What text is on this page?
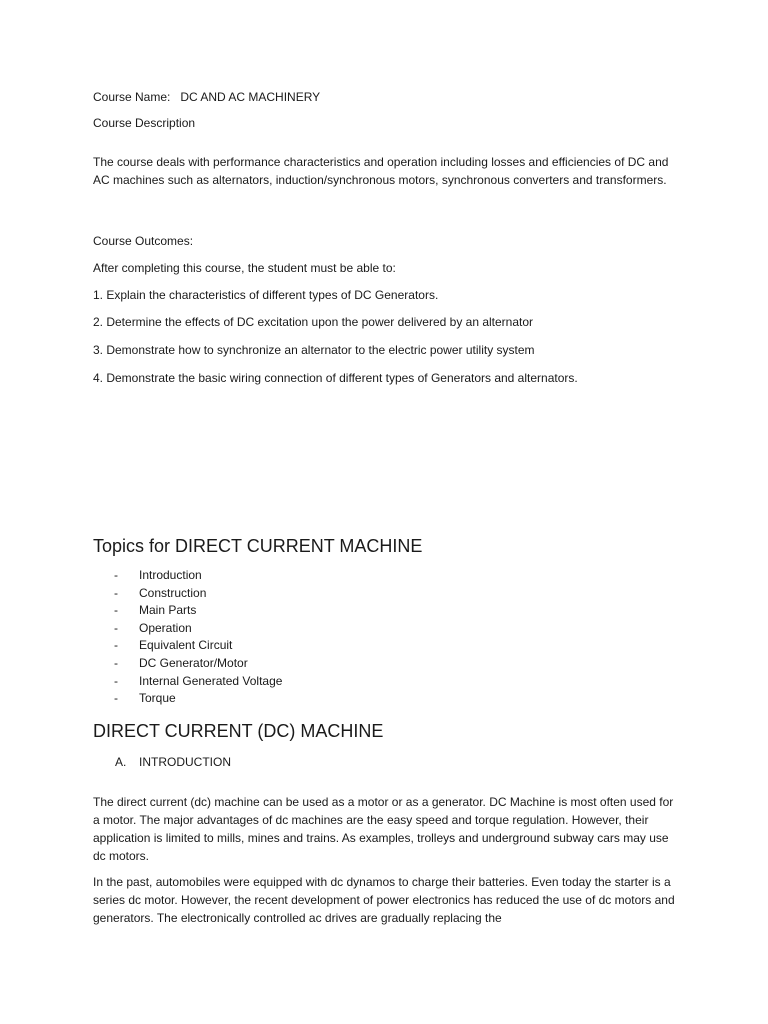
Course Name: DC AND AC MACHINERY

Course Description

The course deals with performance characteristics and operation including losses and efficiencies of DC and AC machines such as alternators, induction/synchronous motors, synchronous converters and transformers.

Course Outcomes:

After completing this course, the student must be able to:

1. Explain the characteristics of different types of DC Generators.

2. Determine the effects of DC excitation upon the power delivered by an alternator

3. Demonstrate how to synchronize an alternator to the electric power utility system

4. Demonstrate the basic wiring connection of different types of Generators and alternators.

Topics for DIRECT CURRENT MACHINE
- Introduction
- Construction
- Main Parts
- Operation
- Equivalent Circuit
- DC Generator/Motor
- Internal Generated Voltage
- Torque
DIRECT CURRENT (DC) MACHINE

A. INTRODUCTION

The direct current (dc) machine can be used as a motor or as a generator. DC Machine is most often used for a motor. The major advantages of dc machines are the easy speed and torque regulation. However, their application is limited to mills, mines and trains. As examples, trolleys and underground subway cars may use dc motors.

In the past, automobiles were equipped with dc dynamos to charge their batteries. Even today the starter is a series dc motor. However, the recent development of power electronics has reduced the use of dc motors and generators. The electronically controlled ac drives are gradually replacing the
